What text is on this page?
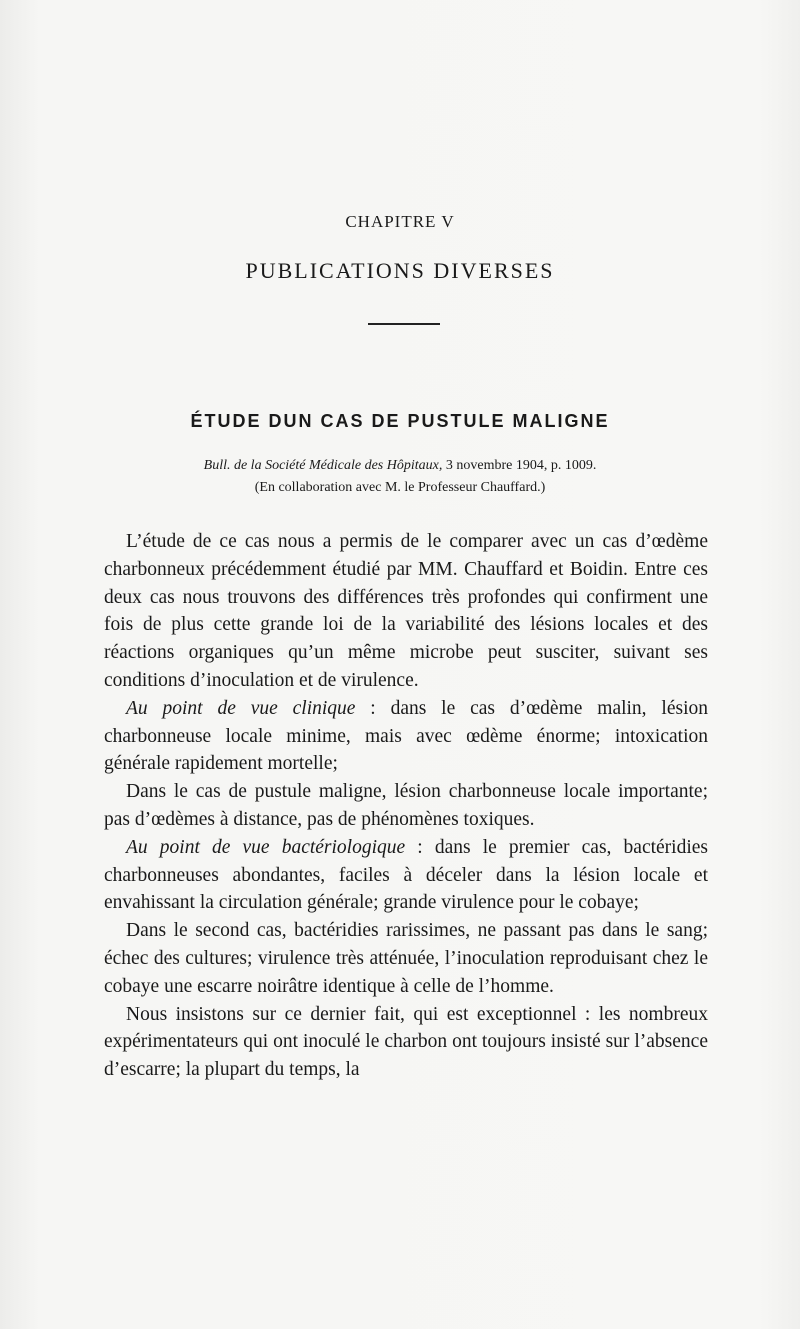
CHAPITRE V
PUBLICATIONS DIVERSES
ÉTUDE DUN CAS DE PUSTULE MALIGNE
Bull. de la Société Médicale des Hôpitaux, 3 novembre 1904, p. 1009.
(En collaboration avec M. le Professeur Chauffard.)

L’étude de ce cas nous a permis de le comparer avec un cas d’œdème charbonneux précédemment étudié par MM. Chauffard et Boidin. Entre ces deux cas nous trouvons des différences très profondes qui confirment une fois de plus cette grande loi de la variabilité des lésions locales et des réactions organiques qu’un même microbe peut susciter, suivant ses conditions d’inoculation et de virulence.

Au point de vue clinique : dans le cas d’œdème malin, lésion charbonneuse locale minime, mais avec œdème énorme; intoxication générale rapidement mortelle;

Dans le cas de pustule maligne, lésion charbonneuse locale importante; pas d’œdèmes à distance, pas de phénomènes toxiques.

Au point de vue bactériologique : dans le premier cas, bactéridies charbonneuses abondantes, faciles à déceler dans la lésion locale et envahissant la circulation générale; grande virulence pour le cobaye;

Dans le second cas, bactéridies rarissimes, ne passant pas dans le sang; échec des cultures; virulence très atténuée, l’inoculation reproduisant chez le cobaye une escarre noirâtre identique à celle de l’homme.

Nous insistons sur ce dernier fait, qui est exceptionnel : les nombreux expérimentateurs qui ont inoculé le charbon ont toujours insisté sur l’absence d’escarre; la plupart du temps, la
